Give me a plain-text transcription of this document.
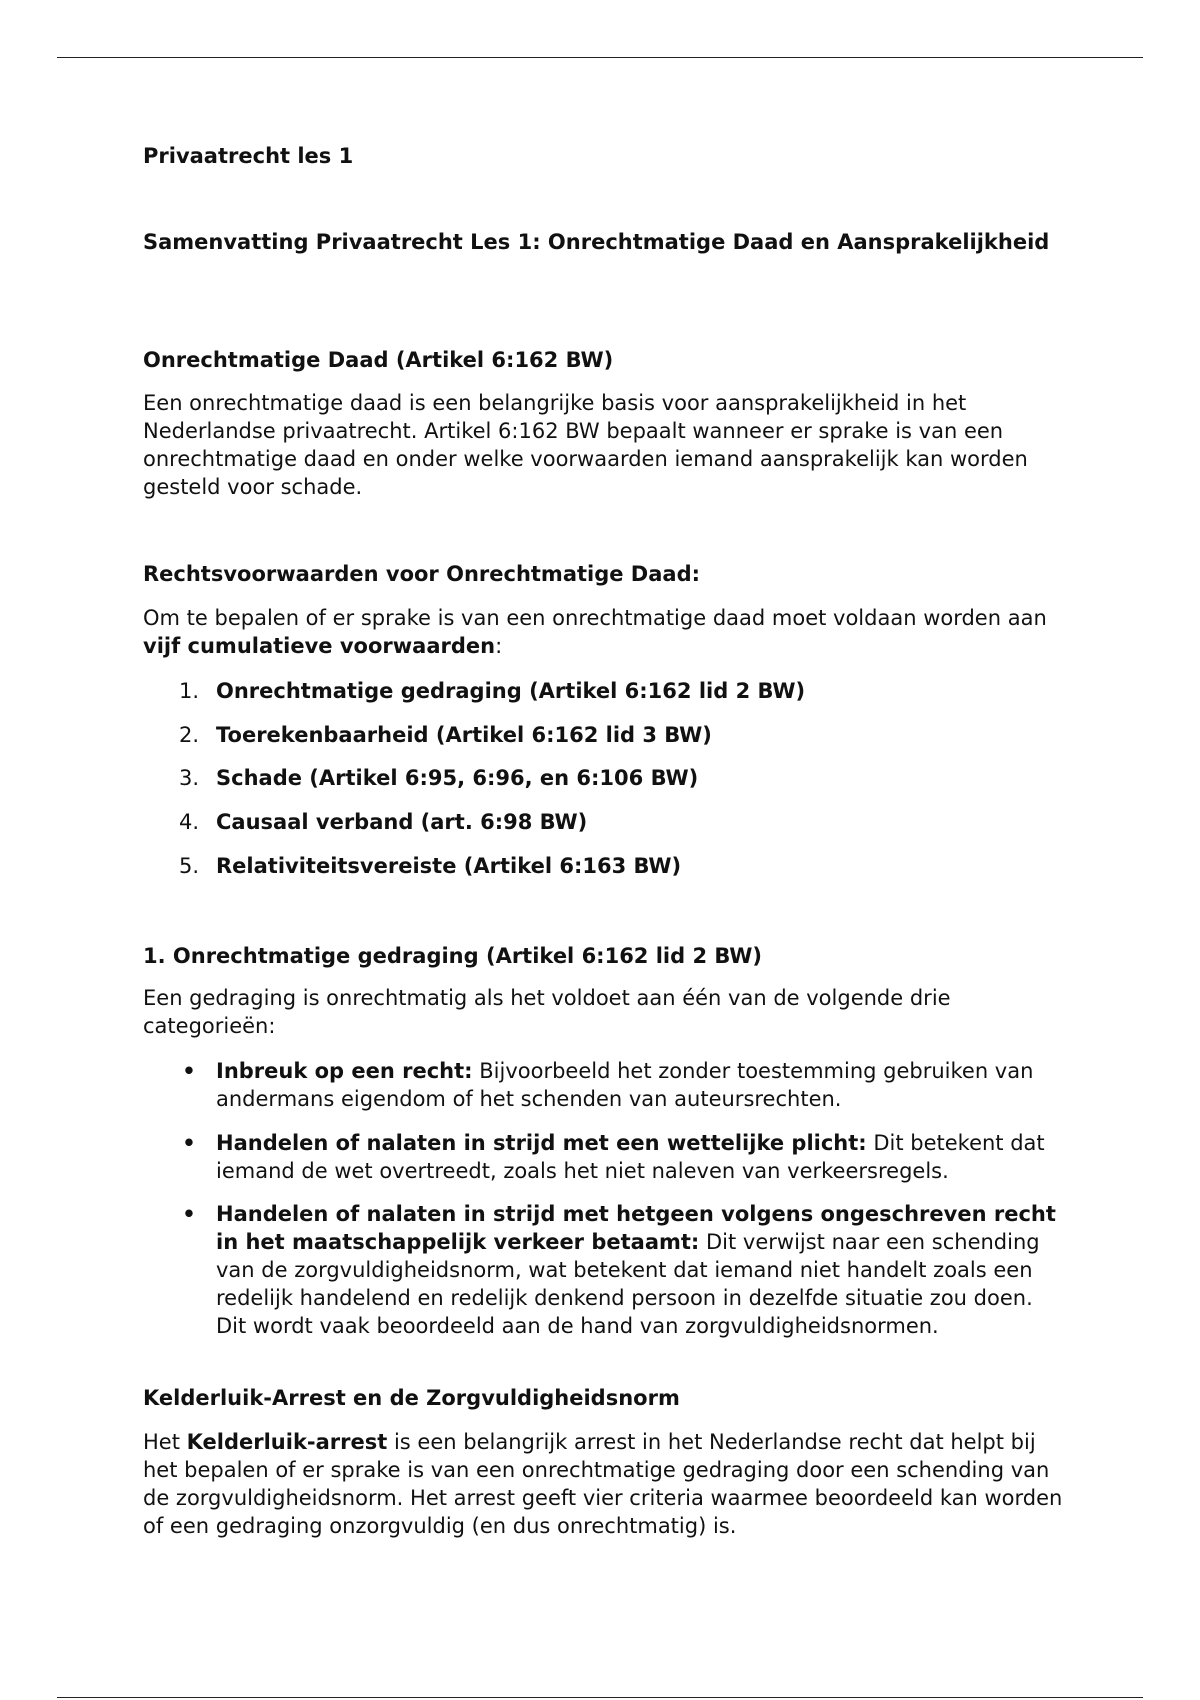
Privaatrecht les 1
Samenvatting Privaatrecht Les 1: Onrechtmatige Daad en Aansprakelijkheid
Onrechtmatige Daad (Artikel 6:162 BW)
Een onrechtmatige daad is een belangrijke basis voor aansprakelijkheid in het Nederlandse privaatrecht. Artikel 6:162 BW bepaalt wanneer er sprake is van een onrechtmatige daad en onder welke voorwaarden iemand aansprakelijk kan worden gesteld voor schade.
Rechtsvoorwaarden voor Onrechtmatige Daad:
Om te bepalen of er sprake is van een onrechtmatige daad moet voldaan worden aan vijf cumulatieve voorwaarden:
1. Onrechtmatige gedraging (Artikel 6:162 lid 2 BW)
2. Toerekenbaarheid (Artikel 6:162 lid 3 BW)
3. Schade (Artikel 6:95, 6:96, en 6:106 BW)
4. Causaal verband (art. 6:98 BW)
5. Relativiteitsvereiste (Artikel 6:163 BW)
1. Onrechtmatige gedraging (Artikel 6:162 lid 2 BW)
Een gedraging is onrechtmatig als het voldoet aan één van de volgende drie categorieën:
• Inbreuk op een recht: Bijvoorbeeld het zonder toestemming gebruiken van andermans eigendom of het schenden van auteursrechten.
• Handelen of nalaten in strijd met een wettelijke plicht: Dit betekent dat iemand de wet overtreedt, zoals het niet naleven van verkeersregels.
• Handelen of nalaten in strijd met hetgeen volgens ongeschreven recht in het maatschappelijk verkeer betaamt: Dit verwijst naar een schending van de zorgvuldigheidsnorm, wat betekent dat iemand niet handelt zoals een redelijk handelend en redelijk denkend persoon in dezelfde situatie zou doen. Dit wordt vaak beoordeeld aan de hand van zorgvuldigheidsnormen.
Kelderluik-Arrest en de Zorgvuldigheidsnorm
Het Kelderluik-arrest is een belangrijk arrest in het Nederlandse recht dat helpt bij het bepalen of er sprake is van een onrechtmatige gedraging door een schending van de zorgvuldigheidsnorm. Het arrest geeft vier criteria waarmee beoordeeld kan worden of een gedraging onzorgvuldig (en dus onrechtmatig) is.
